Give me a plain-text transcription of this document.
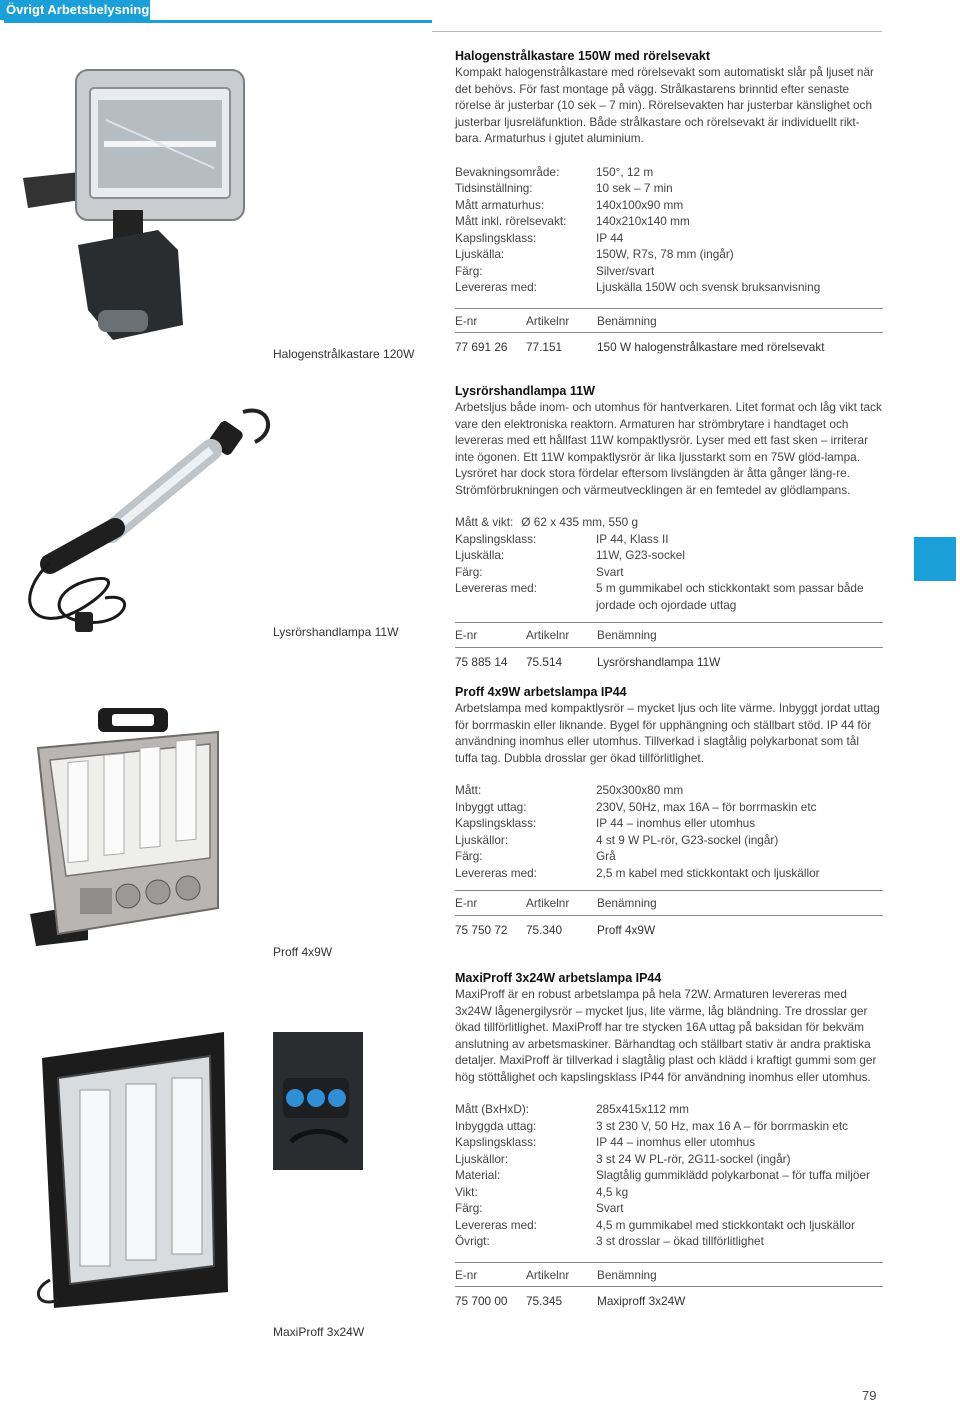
Övrigt Arbetsbelysning
Halogenstrålkastare 120W
Lysrörshandlampa 11W
Proff 4x9W
MaxiProff 3x24W
Halogenstrålkastare 150W med rörelsevakt

Kompakt halogenstrålkastare med rörelsevakt som automatiskt slår på ljuset när det behövs. För fast montage på vägg. Strålkastarens brinntid efter senaste rörelse är justerbar (10 sek – 7 min). Rörelsevakten har justerbar känslighet och justerbar ljusreläfunktion. Både strålkastare och rörelsevakt är individuellt rikt-bara. Armaturhus i gjutet aluminium.

Bevakningsområde:	150°, 12 m
Tidsinställning:	10 sek – 7 min
Mått armaturhus:	140x100x90 mm
Mått inkl. rörelsevakt:	140x210x140 mm
Kapslingsklass:	IP 44
Ljuskälla:	150W, R7s, 78 mm (ingår)
Färg:	Silver/svart
Levereras med:	Ljuskälla 150W och svensk bruksanvisning
E-nr	Artikelnr	Benämning
77 691 26	77.151	150 W halogenstrålkastare med rörelsevakt
Lysrörshandlampa 11W

Arbetsljus både inom- och utomhus för hantverkaren. Litet format och låg vikt tack vare den elektroniska reaktorn. Armaturen har strömbrytare i handtaget och levereras med ett hållfast 11W kompaktlysrör. Lyser med ett fast sken – irriterar inte ögonen. Ett 11W kompaktlysrör är lika ljusstarkt som en 75W glöd-lampa. Lysröret har dock stora fördelar eftersom livslängden är åtta gånger läng-re. Strömförbrukningen och värmeutvecklingen är en femtedel av glödlampans.

Mått & vikt: Ø 62 x 435 mm, 550 g
Kapslingsklass:	IP 44, Klass II
Ljuskälla:	11W, G23-sockel
Färg:	Svart
Levereras med:	5 m gummikabel och stickkontakt som passar både jordade och ojordade uttag
E-nr	Artikelnr	Benämning
75 885 14	75.514	Lysrörshandlampa 11W
Proff 4x9W arbetslampa IP44

Arbetslampa med kompaktlysrör – mycket ljus och lite värme. Inbyggt jordat uttag för borrmaskin eller liknande. Bygel för upphängning och ställbart stöd. IP 44 för användning inomhus eller utomhus. Tillverkad i slagtålig polykarbonat som tål tuffa tag. Dubbla drosslar ger ökad tillförlitlighet.

Mått:	250x300x80 mm
Inbyggt uttag:	230V, 50Hz, max 16A – för borrmaskin etc
Kapslingsklass:	IP 44 – inomhus eller utomhus
Ljuskällor:	4 st 9 W PL-rör, G23-sockel (ingår)
Färg:	Grå
Levereras med:	2,5 m kabel med stickkontakt och ljuskällor
E-nr	Artikelnr	Benämning
75 750 72	75.340	Proff 4x9W
MaxiProff 3x24W arbetslampa IP44

MaxiProff är en robust arbetslampa på hela 72W. Armaturen levereras med 3x24W lågenergilysrör – mycket ljus, lite värme, låg bländning. Tre drosslar ger ökad tillförlitlighet. MaxiProff har tre stycken 16A uttag på baksidan för bekväm anslutning av arbetsmaskiner. Bärhandtag och ställbart stativ är andra praktiska detaljer. MaxiProff är tillverkad i slagtålig plast och klädd i kraftigt gummi som ger hög stöttålighet och kapslingsklass IP44 för användning inomhus eller utomhus.

Mått (BxHxD):	285x415x112 mm
Inbyggda uttag:	3 st 230 V, 50 Hz, max 16 A – för borrmaskin etc
Kapslingsklass:	IP 44 – inomhus eller utomhus
Ljuskällor:	3 st 24 W PL-rör, 2G11-sockel (ingår)
Material:	Slagtålig gummiklädd polykarbonat – för tuffa miljöer
Vikt:	4,5 kg
Färg:	Svart
Levereras med:	4,5 m gummikabel med stickkontakt och ljuskällor
Övrigt:	3 st drosslar – ökad tillförlitlighet
E-nr	Artikelnr	Benämning
75 700 00	75.345	Maxiproff 3x24W
79
